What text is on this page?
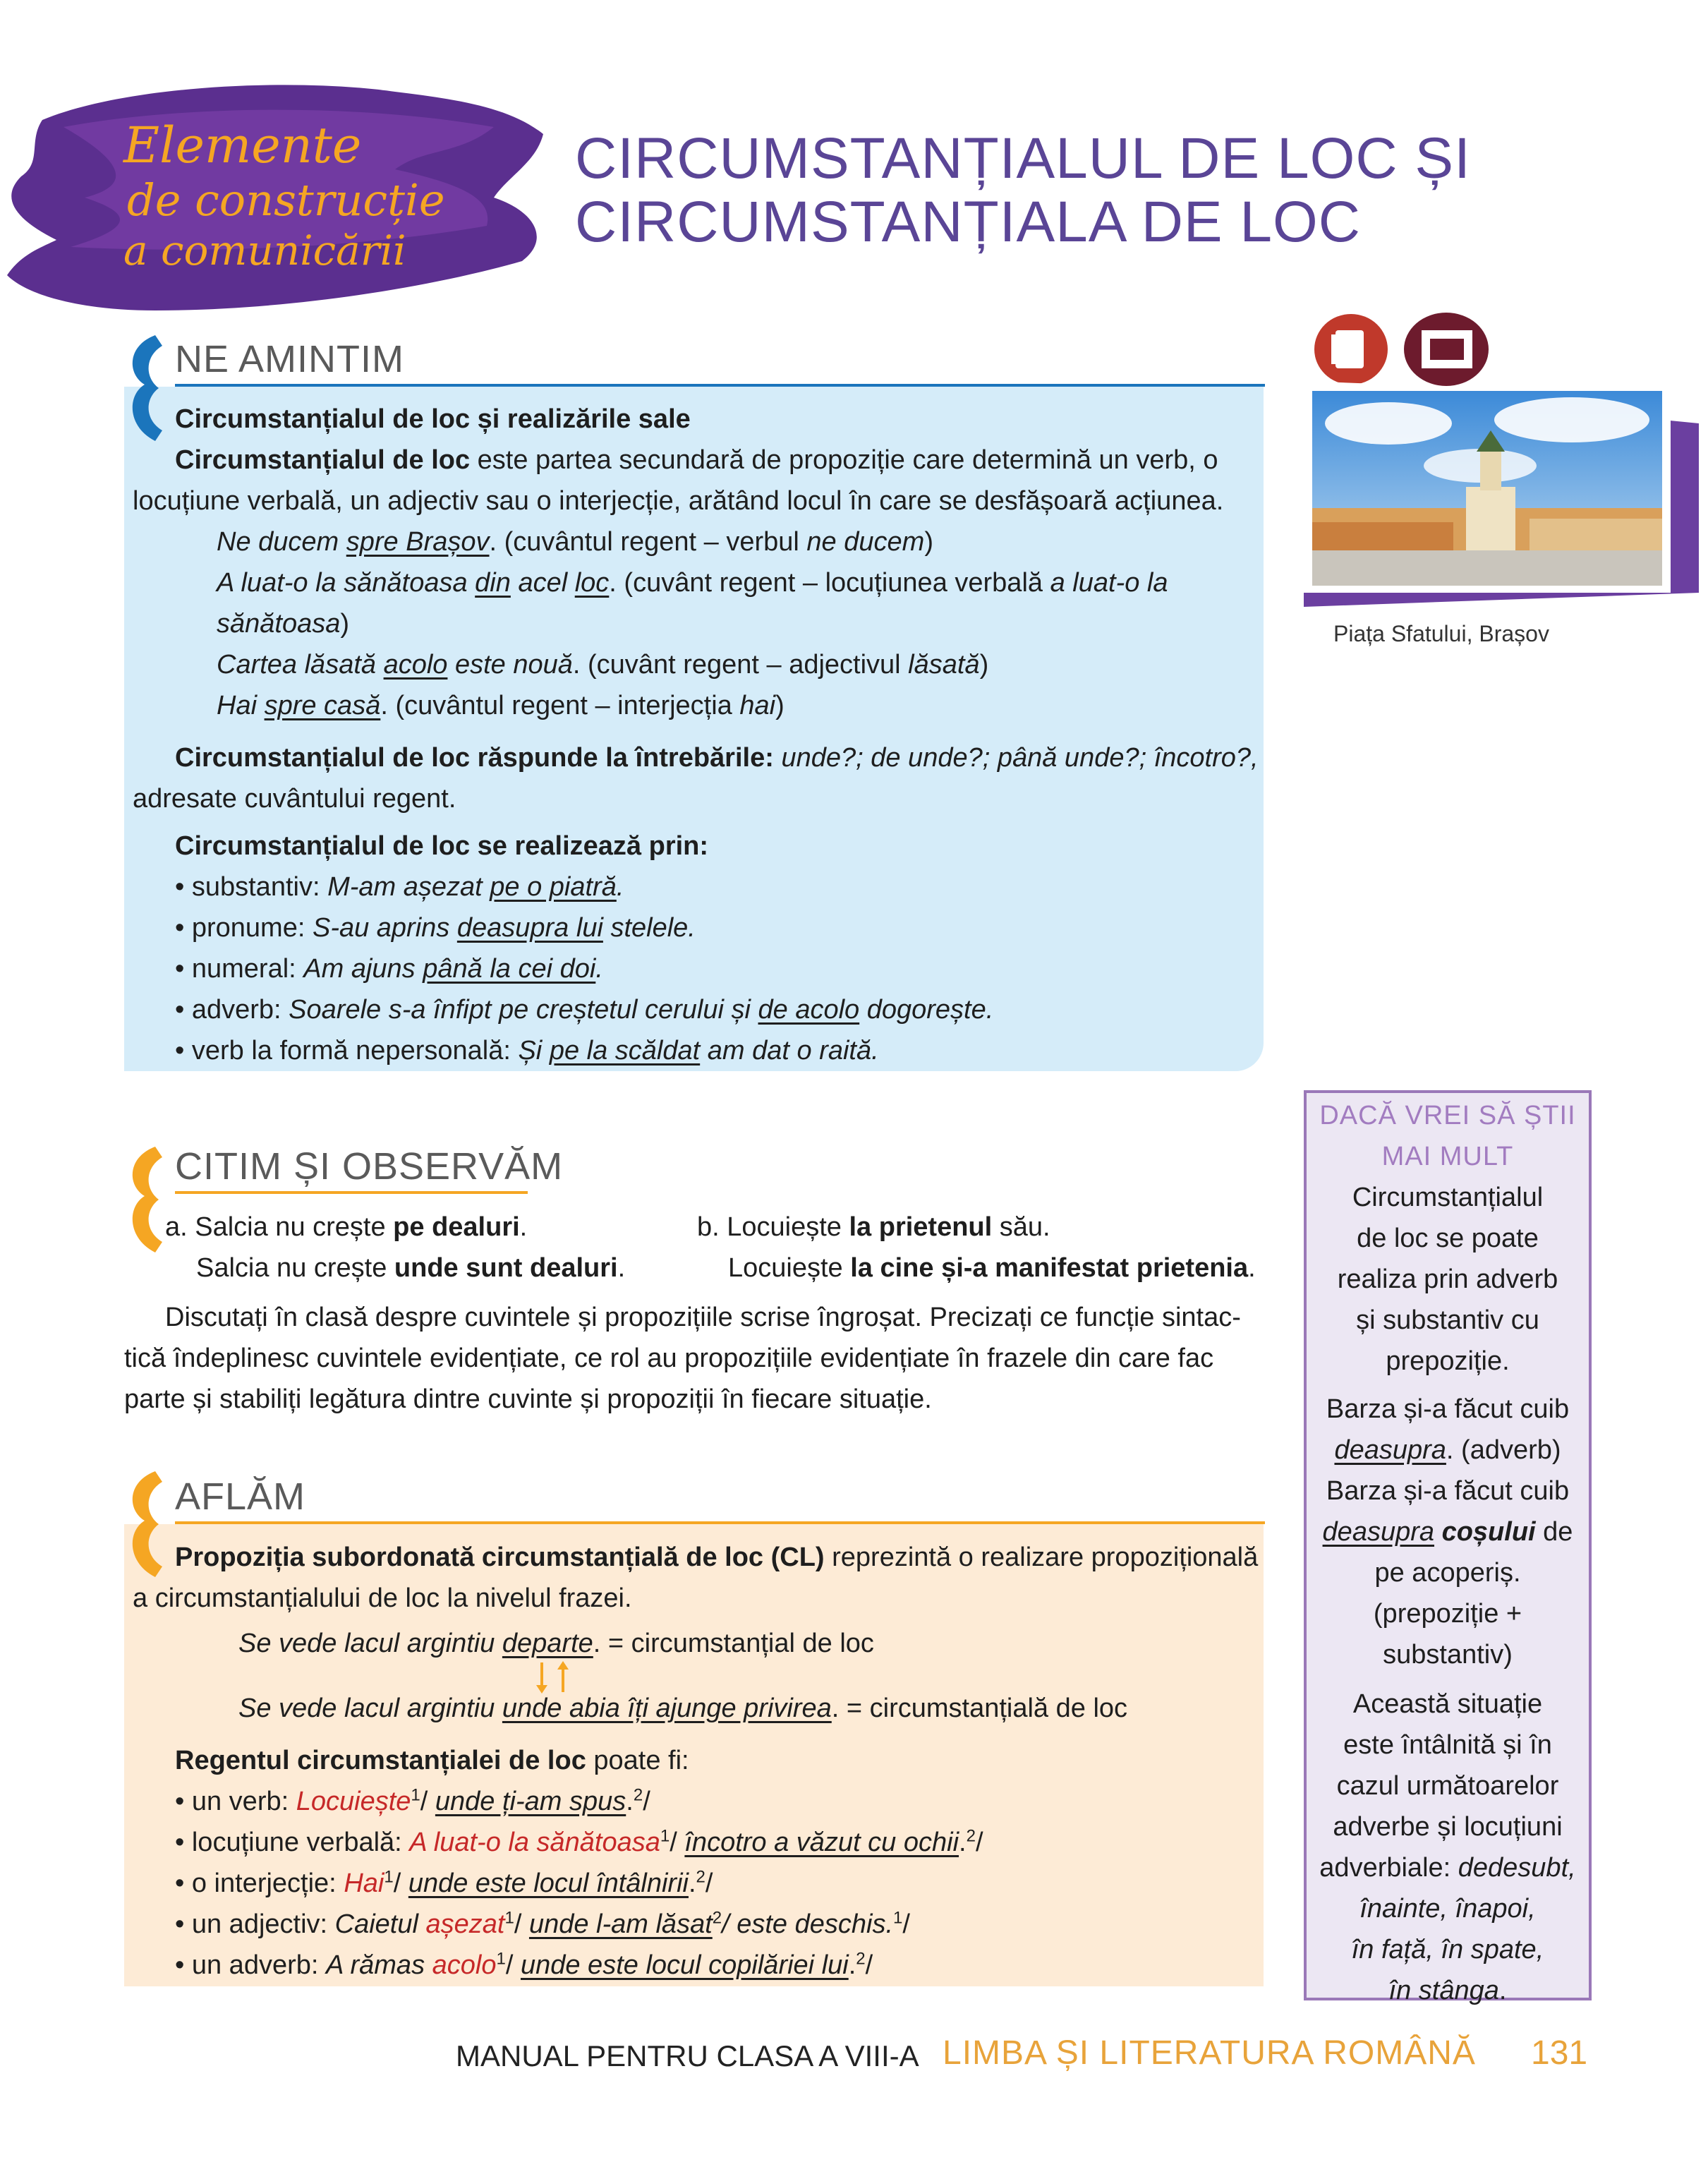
Elemente
de construcție
a comunicării
CIRCUMSTANȚIALUL DE LOC ȘI
CIRCUMSTANȚIALA DE LOC
NE AMINTIM
Circumstanțialul de loc și realizările sale
Circumstanțialul de loc este partea secundară de propoziție care determină un verb, o
locuțiune verbală, un adjectiv sau o interjecție, arătând locul în care se desfășoară acțiunea.
Ne ducem spre Brașov. (cuvântul regent – verbul ne ducem)
A luat-o la sănătoasa din acel loc. (cuvânt regent – locuțiunea verbală a luat-o la
sănătoasa)
Cartea lăsată acolo este nouă. (cuvânt regent – adjectivul lăsată)
Hai spre casă. (cuvântul regent – interjecția hai)
Circumstanțialul de loc răspunde la întrebările: unde?; de unde?; până unde?; încotro?,
adresate cuvântului regent.
Circumstanțialul de loc se realizează prin:
• substantiv: M-am așezat pe o piatră.
• pronume: S-au aprins deasupra lui stelele.
• numeral: Am ajuns până la cei doi.
• adverb: Soarele s-a înfipt pe creștetul cerului și de acolo dogorește.
• verb la formă nepersonală: Și pe la scăldat am dat o raită.
Piața Sfatului, Brașov
CITIM ȘI OBSERVĂM
a. Salcia nu crește pe dealuri.
Salcia nu crește unde sunt dealuri.
b. Locuiește la prietenul său.
Locuiește la cine și-a manifestat prietenia.
Discutați în clasă despre cuvintele și propozițiile scrise îngroșat. Precizați ce funcție sintac-
tică îndeplinesc cuvintele evidențiate, ce rol au propozițiile evidențiate în frazele din care fac
parte și stabiliți legătura dintre cuvinte și propoziții în fiecare situație.
AFLĂM
Propoziția subordonată circumstanțială de loc (CL) reprezintă o realizare propozițională
a circumstanțialului de loc la nivelul frazei.
Se vede lacul argintiu departe. = circumstanțial de loc
Se vede lacul argintiu unde abia îți ajunge privirea. = circumstanțială de loc
Regentul circumstanțialei de loc poate fi:
• un verb: Locuiește$^1$/ unde ți-am spus.$^2$/
• locuțiune verbală: A luat-o la sănătoasa$^1$/ încotro a văzut cu ochii.$^2$/
• o interjecție: Hai$^1$/ unde este locul întâlnirii.$^2$/
• un adjectiv: Caietul așezat$^1$/ unde l-am lăsat$^2$/ este deschis.$^1$/
• un adverb: A rămas acolo$^1$/ unde este locul copilăriei lui.$^2$/
DACĂ VREI SĂ ȘTII
MAI MULT
Circumstanțialul
de loc se poate
realiza prin adverb
și substantiv cu
prepoziție.
Barza și-a făcut cuib
deasupra. (adverb)
Barza și-a făcut cuib
deasupra coșului de
pe acoperiș.
(prepoziție +
substantiv)
Această situație
este întâlnită și în
cazul următoarelor
adverbe și locuțiuni
adverbiale: dedesubt,
înainte, înapoi,
în față, în spate,
în stânga.
MANUAL PENTRU CLASA A VIII-A LIMBA ȘI LITERATURA ROMÂNĂ 131
